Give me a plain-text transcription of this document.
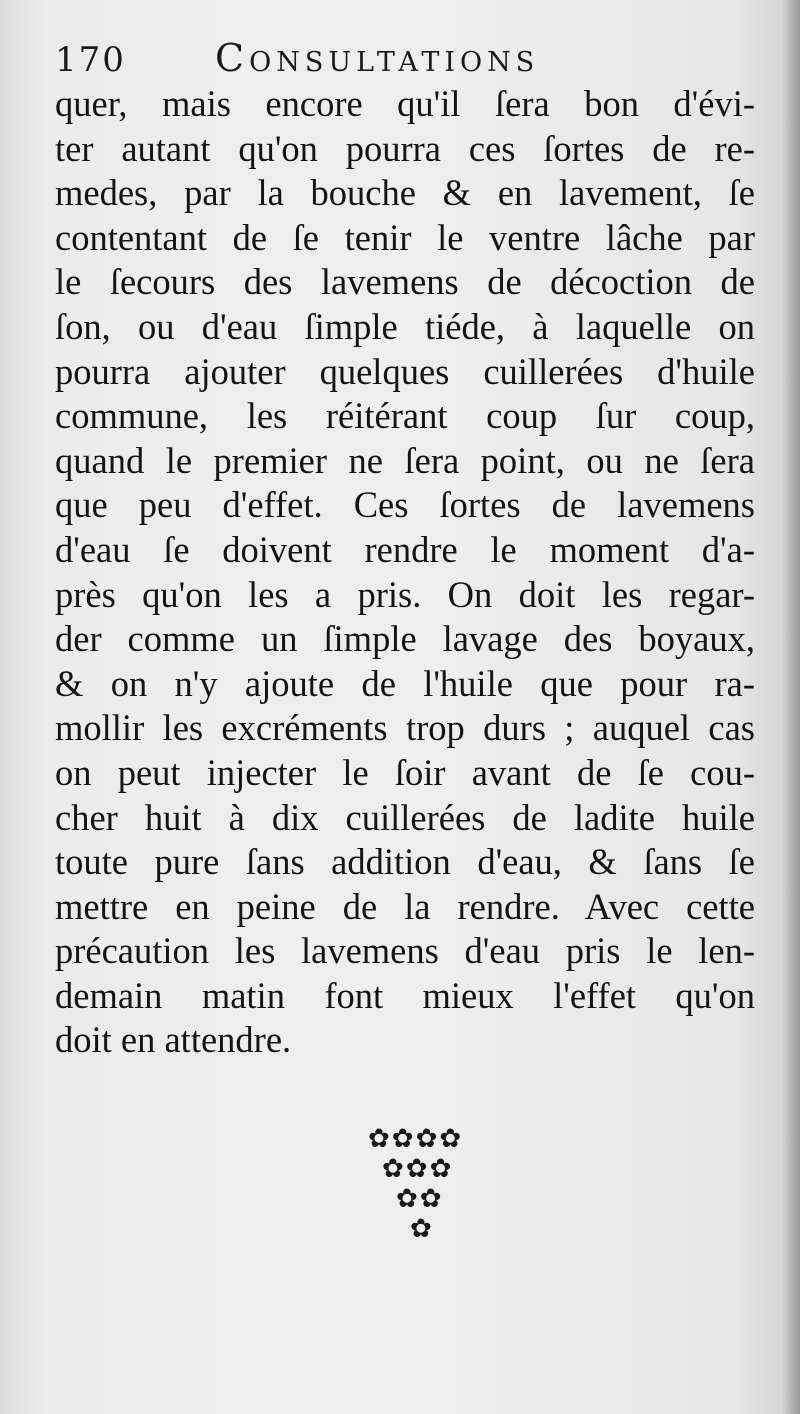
170 Consultations
quer, mais encore qu'il ſera bon d'évi-
ter autant qu'on pourra ces ſortes de re-
medes, par la bouche & en lavement, ſe
contentant de ſe tenir le ventre lâche par
le ſecours des lavemens de décoction de
ſon, ou d'eau ſimple tiéde, à laquelle on
pourra ajouter quelques cuillerées d'huile
commune, les réitérant coup ſur coup,
quand le premier ne ſera point, ou ne ſera
que peu d'effet. Ces ſortes de lavemens
d'eau ſe doivent rendre le moment d'a-
près qu'on les a pris. On doit les regar-
der comme un ſimple lavage des boyaux,
& on n'y ajoute de l'huile que pour ra-
mollir les excréments trop durs ; auquel cas
on peut injecter le ſoir avant de ſe cou-
cher huit à dix cuillerées de ladite huile
toute pure ſans addition d'eau, & ſans ſe
mettre en peine de la rendre. Avec cette
précaution les lavemens d'eau pris le len-
demain matin font mieux l'effet qu'on
doit en attendre.
✿✿✿✿
✿✿✿
✿✿
✿
